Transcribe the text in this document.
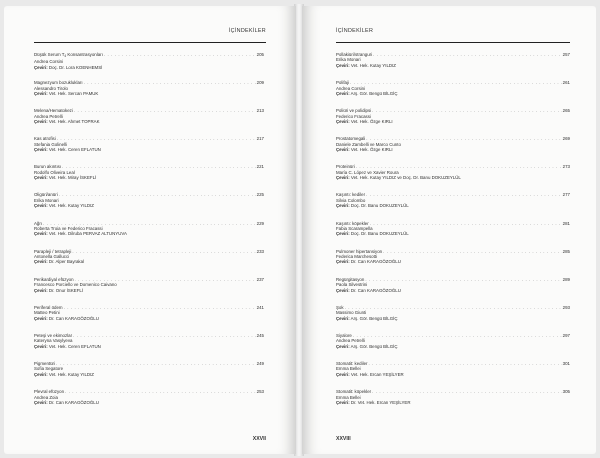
İÇİNDEKİLER
Düşük Serum $T_4$ Konsantrasyonları . . .	205
Andrea Corsini
Çeviri: Doç. Dr. Lora KOENHEMSİ
Magnezyum bozuklukları . . .	209
Alessandro Tirolo
Çeviri: Vet. Hek. Sercan PAMUK
Melena/Hematokezi . . .	213
Andrea Petrelli
Çeviri: Vet. Hek. Ahmet TOPRAK
Kas atrofisi . . .	217
Stefania Golinelli
Çeviri: Vet. Hek. Ceren EFLATUN
Burun akıntısı . . .	221
Rodolfo Oliveira Leal
Çeviri: Vet. Hek. Miray İSKEFLİ
Oligüri/anüri . . .	225
Erika Monari
Çeviri: Vet. Hek. Kutay YILDIZ
Ağrı . . .	229
Roberta Troia ve Federico Fracassi
Çeviri: Vet. Hek. Dilruba PERVAZ ALTUNYUVA
Parapleji / tetrapleji . . .	233
Antonella Gallucci
Çeviri: Dr. Alper Bayrakal
Perikardiyal efüzyon . . .	237
Francesco Porciello ve Domenico Caivano
Çeviri: Dr. Onur İSKEFLİ
Periferal ödem . . .	241
Matteo Petini
Çeviri: Dr. Can KARAGÖZOĞLU
Peteşi ve ekimozlar . . .	245
Kateryna Vasylyeva
Çeviri: Vet. Hek. Ceren EFLATUN
Pigmentüri . . .	249
Sofia Segatore
Çeviri: Vet. Hek. Kutay YILDIZ
Plevral efüzyon . . .	253
Andrea Zoia
Çeviri: Dr. Can KARAGÖZOĞLU
XXVII
İÇİNDEKİLER
Pollakiüri/stranguri . . .	257
Erika Monari
Çeviri: Vet. Hek. Kutay YILDIZ
Polifaji . . .	261
Andrea Corsini
Çeviri: Arş. Gör. Bengü BİLGİÇ
Poliüri ve polidipsi . . .	265
Federico Fracassi
Çeviri: Vet. Hek. Özge KIRLI
Prostatomegali . . .	269
Daniele Zambelli ve Marco Cunto
Çeviri: Vet. Hek. Özge KIRLI
Proteinüri . . .	273
María C. López ve Xavier Roura
Çeviri: Vet. Hek. Kutay YILDIZ ve Doç. Dr. Banu DOKUZEYLÜL
Kaşıntı: kediler . . .	277
Silvia Colombo
Çeviri: Doç. Dr. Banu DOKUZEYLÜL
Kaşıntı: köpekler . . .	281
Fabia Scarampella
Çeviri: Doç. Dr. Banu DOKUZEYLÜL
Pulmoner hipertansiyon . . .	285
Federica Marchesotti
Çeviri: Dr. Can KARAGÖZOĞLU
Regürgitasyon . . .	289
Paola Silvestrini
Çeviri: Dr. Can KARAGÖZOĞLU
Şok . . .	293
Massimo Giunti
Çeviri: Arş. Gör. Bengü BİLGİÇ
Siyalore . . .	297
Andrea Petrelli
Çeviri: Arş. Gör. Bengü BİLGİÇ
Stomatit: kediler . . .	301
Emma Bellei
Çeviri: Vet. Hek. Ercan YEŞİLYER
Stomatit: köpekler . . .	305
Emma Bellei
Çeviri: Dr. Vet. Hek. Ercan YEŞİLYER
XXVIII
